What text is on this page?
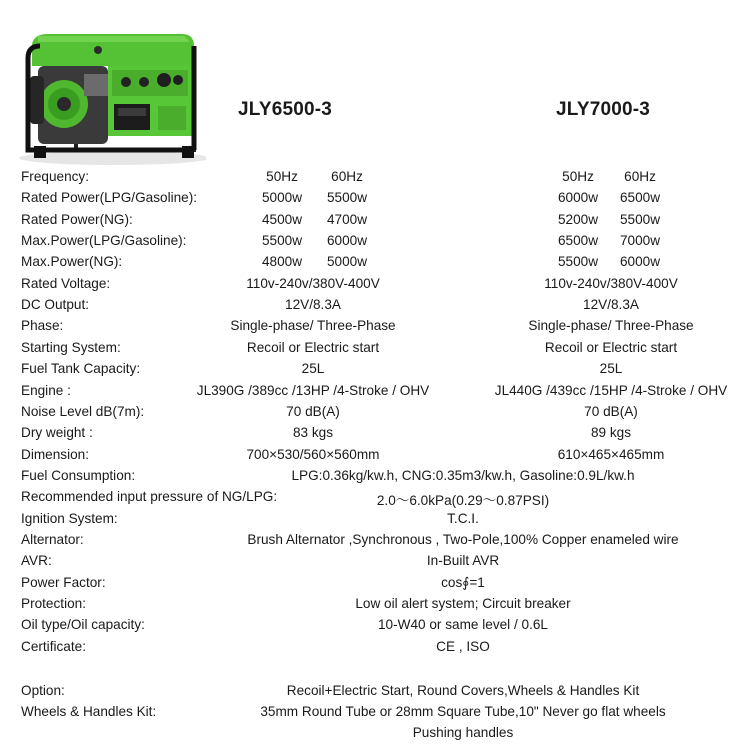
JLY6500-3	JLY7000-3
Frequency:	50Hz 60Hz	50Hz 60Hz
Rated Power(LPG/Gasoline):	5000w 5500w	6000w 6500w
Rated Power(NG):	4500w 4700w	5200w 5500w
Max.Power(LPG/Gasoline):	5500w 6000w	6500w 7000w
Max.Power(NG):	4800w 5000w	5500w 6000w
Rated Voltage:	110v-240v/380V-400V	110v-240v/380V-400V
DC Output:	12V/8.3A	12V/8.3A
Phase:	Single-phase/ Three-Phase	Single-phase/ Three-Phase
Starting System:	Recoil or Electric start	Recoil or Electric start
Fuel Tank Capacity:	25L	25L
Engine :	JL390G /389cc /13HP /4-Stroke / OHV	JL440G /439cc /15HP /4-Stroke / OHV
Noise Level dB(7m):	70 dB(A)	70 dB(A)
Dry weight :	83 kgs	89 kgs
Dimension:	700×530/560×560mm	610×465×465mm
Fuel Consumption:	LPG:0.36kg/kw.h, CNG:0.35m3/kw.h, Gasoline:0.9L/kw.h
Recommended input pressure of NG/LPG:	2.0～6.0kPa(0.29～0.87PSI)
Ignition System:	T.C.I.
Alternator:	Brush Alternator ,Synchronous , Two-Pole,100% Copper enameled wire
AVR:	In-Built AVR
Power Factor:	cos∮=1
Protection:	Low oil alert system; Circuit breaker
Oil type/Oil capacity:	10-W40 or same level / 0.6L
Certificate:	CE , ISO
Option:	Recoil+Electric Start, Round Covers,Wheels & Handles Kit
Wheels & Handles Kit:	35mm Round Tube or 28mm Square Tube,10" Never go flat wheels
Pushing handles
